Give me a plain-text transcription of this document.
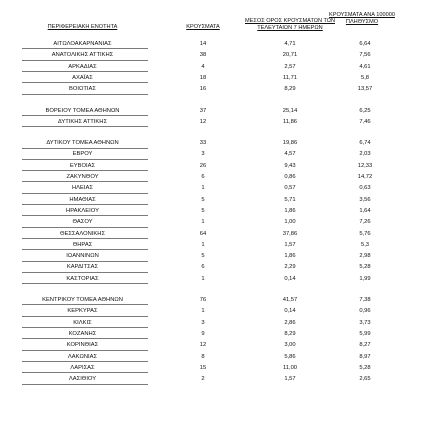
ΠΕΡΙΦΕΡΕΙΑΚΗ ΕΝΟΤΗΤΑ	ΚΡΟΥΣΜΑΤΑ
ΜΕΣΟΣ ΟΡΟΣ ΚΡΟΥΣΜΑΤΩΝ ΤΩΝ ΤΕΛΕΥΤΑΙΩΝ 7 ΗΜΕΡΩΝ
ΚΡΟΥΣΜΑΤΑ ΑΝΑ 100000 ΠΛΗΘΥΣΜΟ
ΑΙΤΩΛΟΑΚΑΡΝΑΝΙΑΣ	14	4,71	6,64
ΑΝΑΤΟΛΙΚΗΣ ΑΤΤΙΚΗΣ	38	20,71	7,56
ΑΡΚΑΔΙΑΣ	4	2,57	4,61
ΑΧΑΪΑΣ	18	11,71	5,8
ΒΟΙΩΤΙΑΣ	16	8,29	13,57
ΒΟΡΕΙΟΥ ΤΟΜΕΑ ΑΘΗΝΩΝ	37	25,14	6,25
ΔΥΤΙΚΗΣ ΑΤΤΙΚΗΣ	12	11,86	7,46
ΔΥΤΙΚΟΥ ΤΟΜΕΑ ΑΘΗΝΩΝ	33	19,86	6,74
ΕΒΡΟΥ	3	4,57	2,03
ΕΥΒΟΙΑΣ	26	9,43	12,33
ΖΑΚΥΝΘΟΥ	6	0,86	14,72
ΗΛΕΙΑΣ	1	0,57	0,63
ΗΜΑΘΙΑΣ	5	5,71	3,56
ΗΡΑΚΛΕΙΟΥ	5	1,86	1,64
ΘΑΣΟΥ	1	1,00	7,26
ΘΕΣΣΑΛΟΝΙΚΗΣ	64	37,86	5,76
ΘΗΡΑΣ	1	1,57	5,3
ΙΩΑΝΝΙΝΩΝ	5	1,86	2,98
ΚΑΡΔΙΤΣΑΣ	6	2,29	5,28
ΚΑΣΤΟΡΙΑΣ	1	0,14	1,99
ΚΕΝΤΡΙΚΟΥ ΤΟΜΕΑ ΑΘΗΝΩΝ	76	41,57	7,38
ΚΕΡΚΥΡΑΣ	1	0,14	0,96
ΚΙΛΚΙΣ	3	2,86	3,73
ΚΟΖΑΝΗΣ	9	8,29	5,99
ΚΟΡΙΝΘΙΑΣ	12	3,00	8,27
ΛΑΚΩΝΙΑΣ	8	5,86	8,97
ΛΑΡΙΣΑΣ	15	11,00	5,28
ΛΑΣΙΘΙΟΥ	2	1,57	2,65
